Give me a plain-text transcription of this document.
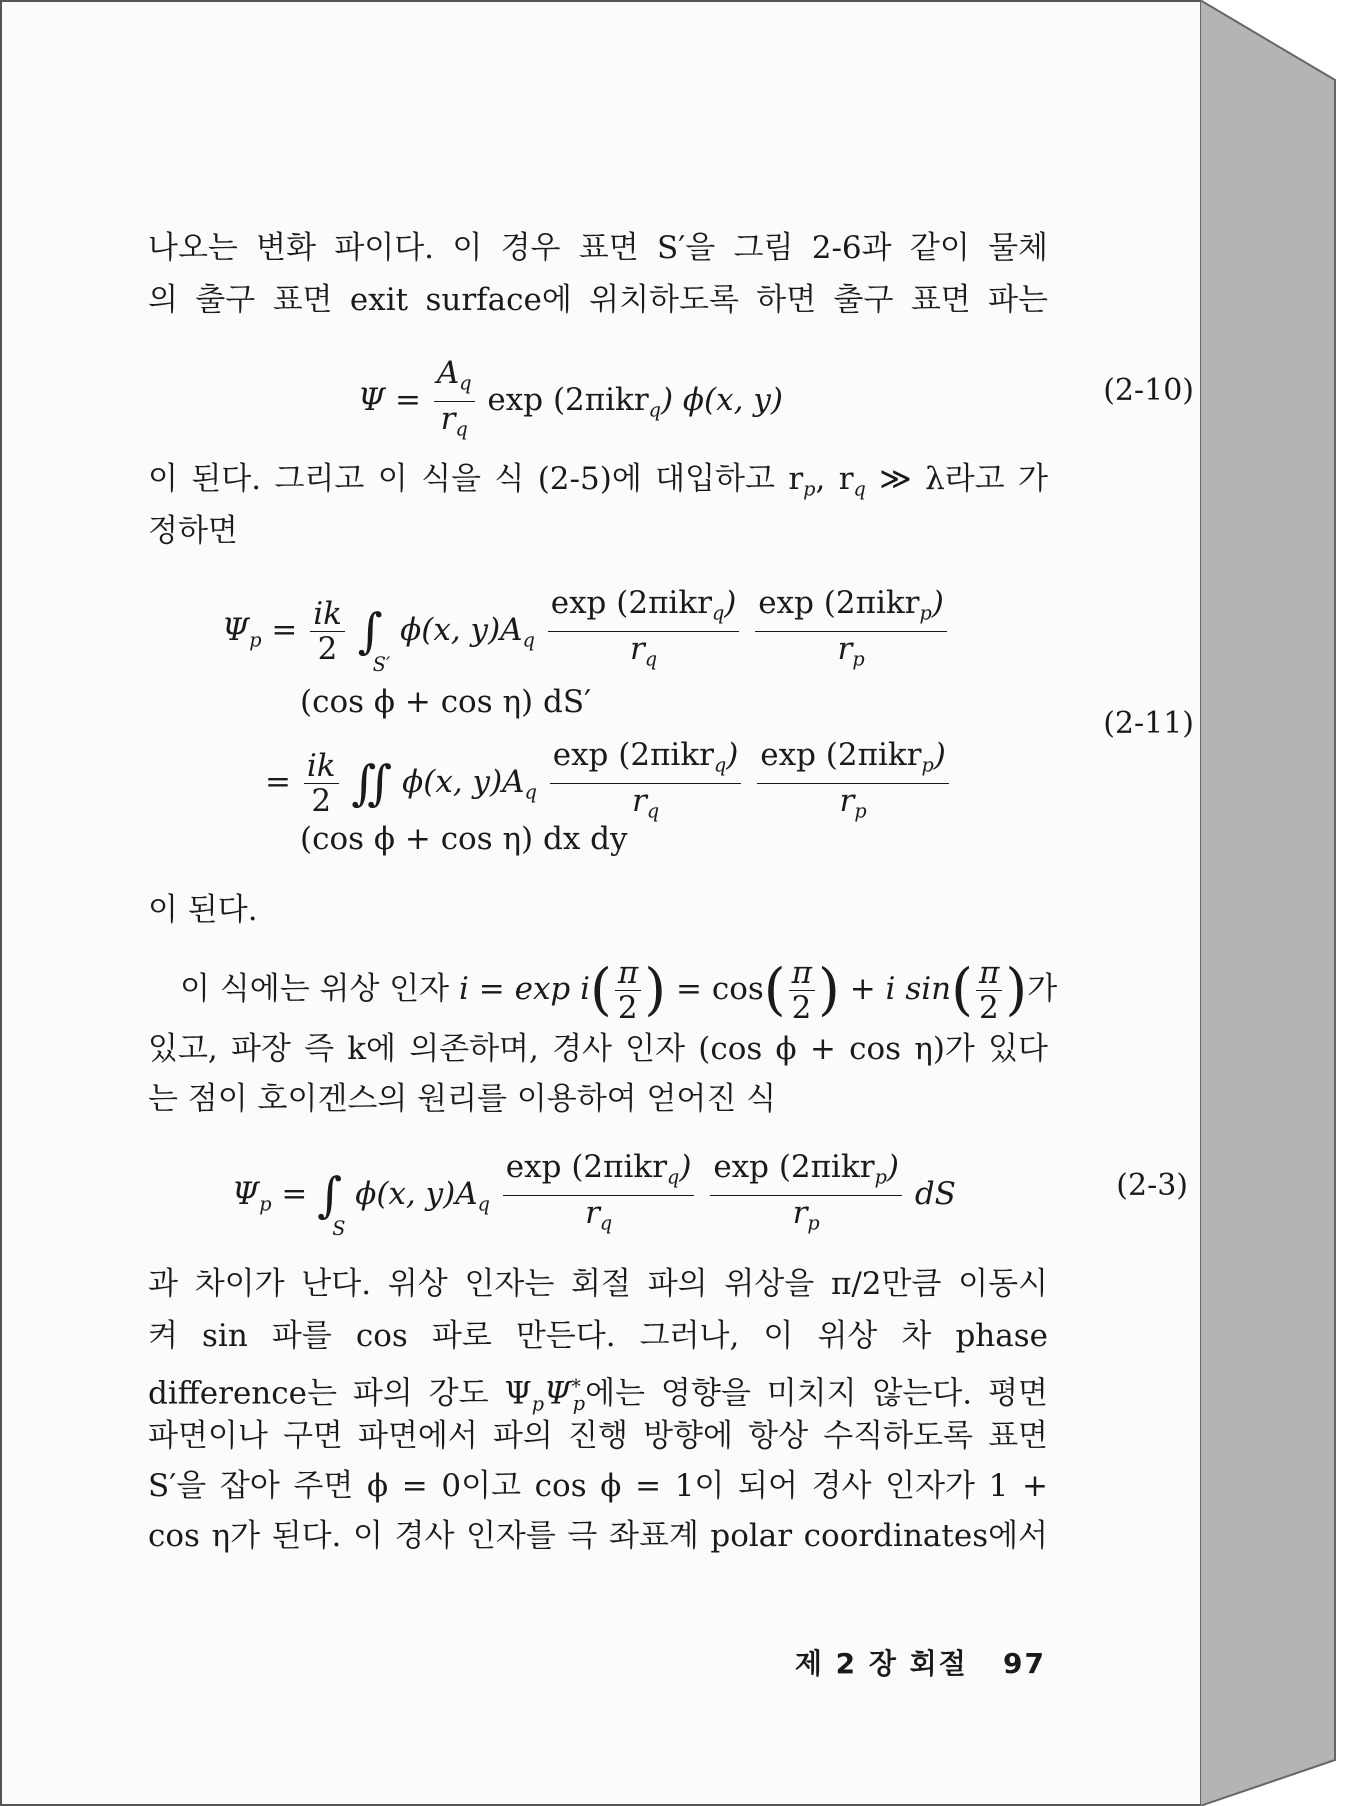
나오는 변화 파이다. 이 경우 표면 S′을 그림 2-6과 같이 물체
의 출구 표면 exit surface에 위치하도록 하면 출구 표면 파는
$\Psi = \frac{A_q}{r_q}$ exp (2πikr$_q$) ϕ(x, y)	(2-10)
이 된다. 그리고 이 식을 식 (2-5)에 대입하고 $r_p$, $r_q$ ≫ λ라고 가
정하면
$\Psi_p = \frac{ik}{2} \int_{S'}$ ϕ(x, $y)A_q \frac{\exp (2\pi ikr_q)}{r_q}$
$\frac{\exp (2\pi ikr_p)}{r_p}$
(cos ϕ + cos η) dS′
(2-11)
= $\frac{ik}{2}$ ∬ ϕ(x, $y)A_q \frac{\exp (2\pi ikr_q)}{r_q}$
$\frac{\exp (2\pi ikr_p)}{r_p}$
(cos ϕ + cos η) dx dy
이 된다.
이 식에는 위상 인자 $i = \exp i( \frac{\pi}{2}$ ) = $\cos( \frac{\pi}{2}$ ) + i $\sin( \frac{\pi}{2}$ )가
있고, 파장 즉 k에 의존하며, 경사 인자 (cos ϕ + cos η)가 있다
는 점이 호이겐스의 원리를 이용하여 얻어진 식
$\Psi_p = \int_S$ ϕ(x, $y)A_q \frac{\exp (2\pi ikr_q)}{r_q}$
$\frac{\exp (2\pi ikr_p)}{r_p}$ dS	(2-3)
과 차이가 난다. 위상 인자는 회절 파의 위상을 π/2만큼 이동시
켜 sin 파를 cos 파로 만든다. 그러나, 이 위상 차 phase
difference는 파의 강도 $\Psi_p\Psi^*_p$에는 영향을 미치지 않는다. 평면
파면이나 구면 파면에서 파의 진행 방향에 항상 수직하도록 표면
S′을 잡아 주면 ϕ = 0이고 cos ϕ = 1이 되어 경사 인자가 1 +
cos η가 된다. 이 경사 인자를 극 좌표계 polar coordinates에서
제 2 장 회절 97
